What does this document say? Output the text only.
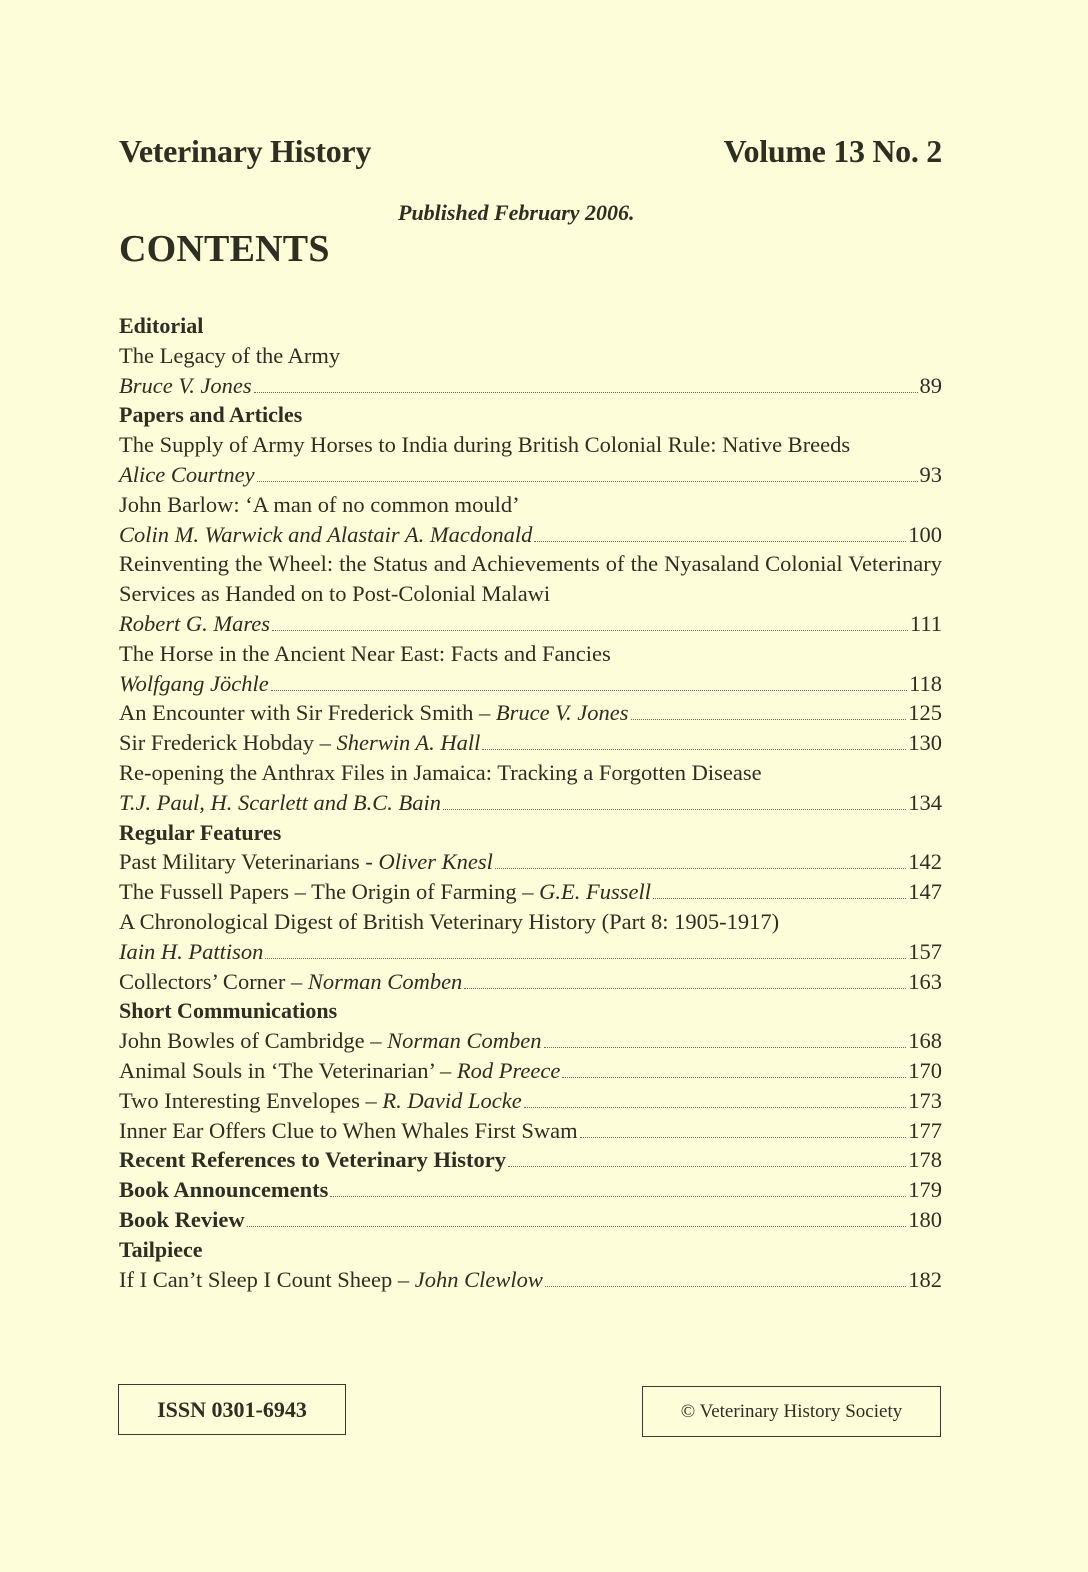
Veterinary History	Volume 13 No. 2
Published February 2006.
CONTENTS
Editorial
The Legacy of the Army
Bruce V. Jones	89
Papers and Articles
The Supply of Army Horses to India during British Colonial Rule: Native Breeds
Alice Courtney	93
John Barlow: ‘A man of no common mould’
Colin M. Warwick and Alastair A. Macdonald	100
Reinventing the Wheel: the Status and Achievements of the Nyasaland Colonial Veterinary Services as Handed on to Post-Colonial Malawi
Robert G. Mares	111
The Horse in the Ancient Near East: Facts and Fancies
Wolfgang Jöchle	118
An Encounter with Sir Frederick Smith – Bruce V. Jones	125
Sir Frederick Hobday – Sherwin A. Hall	130
Re-opening the Anthrax Files in Jamaica: Tracking a Forgotten Disease
T.J. Paul, H. Scarlett and B.C. Bain	134
Regular Features
Past Military Veterinarians - Oliver Knesl	142
The Fussell Papers – The Origin of Farming – G.E. Fussell	147
A Chronological Digest of British Veterinary History (Part 8: 1905-1917)
Iain H. Pattison	157
Collectors’ Corner – Norman Comben	163
Short Communications
John Bowles of Cambridge – Norman Comben	168
Animal Souls in ‘The Veterinarian’ – Rod Preece	170
Two Interesting Envelopes – R. David Locke	173
Inner Ear Offers Clue to When Whales First Swam	177
Recent References to Veterinary History	178
Book Announcements	179
Book Review	180
Tailpiece
If I Can’t Sleep I Count Sheep – John Clewlow	182
ISSN 0301-6943	© Veterinary History Society
